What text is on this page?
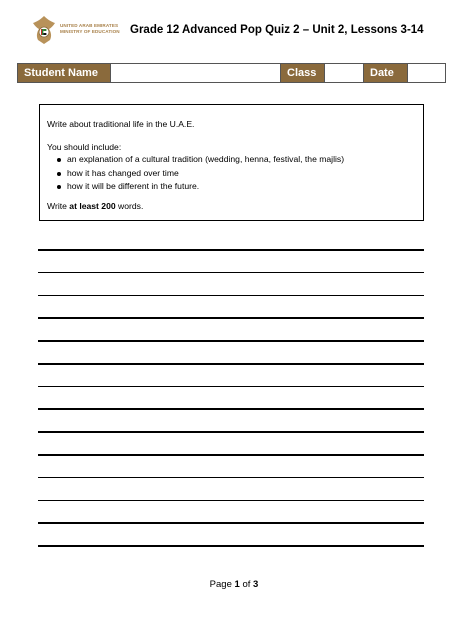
UNITED ARAB EMIRATES
MINISTRY OF EDUCATION Grade 12 Advanced Pop Quiz 2 – Unit 2, Lessons 3-14
Student Name	Class	Date

Write about traditional life in the U.A.E.

You should include:

an explanation of a cultural tradition (wedding, henna, festival, the majlis)
how it has changed over time
how it will be different in the future.

Write at least 200 words.

Page 1 of 3
